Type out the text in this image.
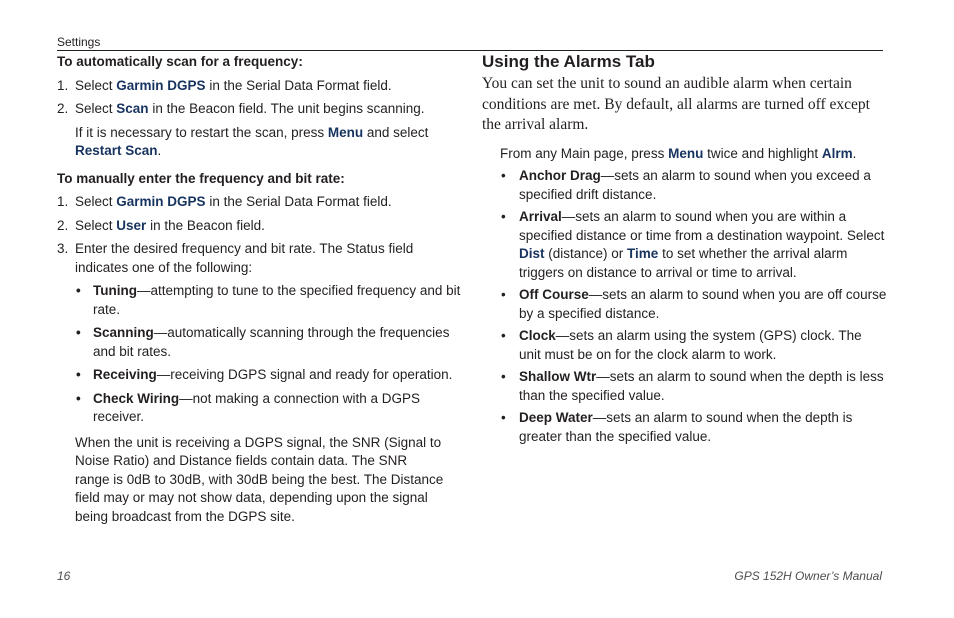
Settings

To automatically scan for a frequency:

1. Select Garmin DGPS in the Serial Data Format field.
2. Select Scan in the Beacon field. The unit begins scanning.
If it is necessary to restart the scan, press Menu and select Restart Scan.

To manually enter the frequency and bit rate:

1. Select Garmin DGPS in the Serial Data Format field.
2. Select User in the Beacon field.
3. Enter the desired frequency and bit rate. The Status field indicates one of the following:
• Tuning—attempting to tune to the specified frequency and bit rate.
• Scanning—automatically scanning through the frequencies and bit rates.
• Receiving—receiving DGPS signal and ready for operation.
• Check Wiring—not making a connection with a DGPS receiver.
When the unit is receiving a DGPS signal, the SNR (Signal to Noise Ratio) and Distance fields contain data. The SNR range is 0dB to 30dB, with 30dB being the best. The Distance field may or may not show data, depending upon the signal being broadcast from the DGPS site.
Using the Alarms Tab
You can set the unit to sound an audible alarm when certain conditions are met. By default, all alarms are turned off except the arrival alarm.
From any Main page, press Menu twice and highlight Alrm.
• Anchor Drag—sets an alarm to sound when you exceed a specified drift distance.
• Arrival—sets an alarm to sound when you are within a specified distance or time from a destination waypoint. Select Dist (distance) or Time to set whether the arrival alarm triggers on distance to arrival or time to arrival.
• Off Course—sets an alarm to sound when you are off course by a specified distance.
• Clock—sets an alarm using the system (GPS) clock. The unit must be on for the clock alarm to work.
• Shallow Wtr—sets an alarm to sound when the depth is less than the specified value.
• Deep Water—sets an alarm to sound when the depth is greater than the specified value.
16	GPS 152H Owner’s Manual
